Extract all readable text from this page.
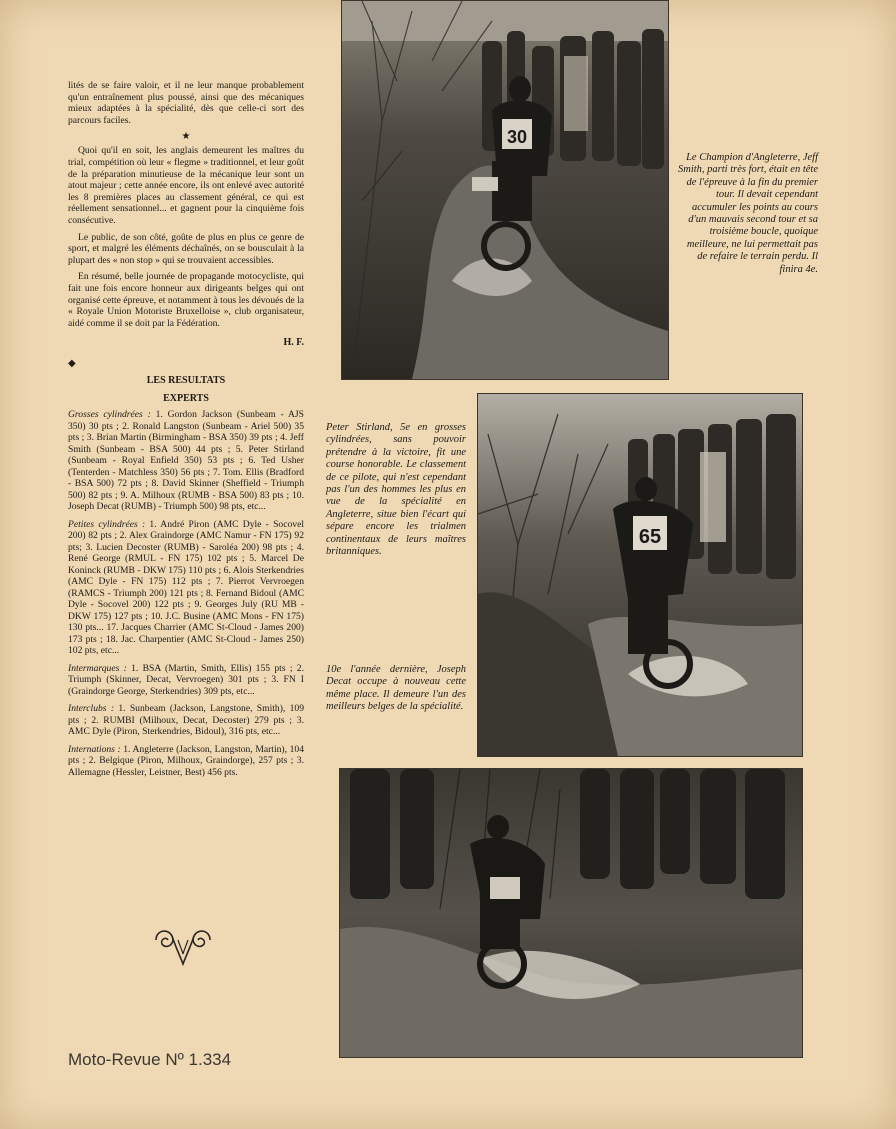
lités de se faire valoir, et il ne leur manque probablement qu'un entraînement plus poussé, ainsi que des mécaniques mieux adaptées à la spécialité, dès que celle-ci sort des parcours faciles.

★

Quoi qu'il en soit, les anglais demeurent les maîtres du trial, compétition où leur « flegme » traditionnel, et leur goût de la préparation minutieuse de la mécanique leur sont un atout majeur ; cette année encore, ils ont enlevé avec autorité les 8 premières places au classement général, ce qui est réellement sensationnel... et gagnent pour la cinquième fois consécutive.

Le public, de son côté, goûte de plus en plus ce genre de sport, et malgré les éléments déchaînés, on se bousculait à la plupart des « non stop » qui se trouvaient accessibles.

En résumé, belle journée de propagande motocycliste, qui fait une fois encore honneur aux dirigeants belges qui ont organisé cette épreuve, et notamment à tous les dévoués de la « Royale Union Motoriste Bruxelloise », club organisateur, aidé comme il se doit par la Fédération.

H. F.

◆

LES RESULTATS

EXPERTS

Grosses cylindrées : 1. Gordon Jackson (Sunbeam - AJS 350) 30 pts ; 2. Ronald Langston (Sunbeam - Ariel 500) 35 pts ; 3. Brian Martin (Birmingham - BSA 350) 39 pts ; 4. Jeff Smith (Sunbeam - BSA 500) 44 pts ; 5. Peter Stirland (Sunbeam - Royal Enfield 350) 53 pts ; 6. Ted Usher (Tenterden - Matchless 350) 56 pts ; 7. Tom. Ellis (Bradford - BSA 500) 72 pts ; 8. David Skinner (Sheffield - Triumph 500) 82 pts ; 9. A. Milhoux (RUMB - BSA 500) 83 pts ; 10. Joseph Decat (RUMB) - Triumph 500) 98 pts, etc...

Petites cylindrées : 1. André Piron (AMC Dyle - Socovel 200) 82 pts ; 2. Alex Graindorge (AMC Namur - FN 175) 92 pts; 3. Lucien Decoster (RUMB) - Saroléa 200) 98 pts ; 4. René George (RMUL - FN 175) 102 pts ; 5. Marcel De Koninck (RUMB - DKW 175) 110 pts ; 6. Alois Sterkendries (AMC Dyle - FN 175) 112 pts ; 7. Pierrot Vervroegen (RAMCS - Triumph 200) 121 pts ; 8. Fernand Bidoul (AMC Dyle - Socovel 200) 122 pts ; 9. Georges July (RU MB - DKW 175) 127 pts ; 10. J.C. Busine (AMC Mons - FN 175) 130 pts... 17. Jacques Charrier (AMC St-Cloud - James 200) 173 pts ; 18. Jac. Charpentier (AMC St-Cloud - James 250) 102 pts, etc...

Intermarques : 1. BSA (Martin, Smith, Ellis) 155 pts ; 2. Triumph (Skinner, Decat, Vervroegen) 301 pts ; 3. FN I (Graindorge George, Sterkendries) 309 pts, etc...

Interclubs : 1. Sunbeam (Jackson, Langstone, Smith), 109 pts ; 2. RUMBI (Milhoux, Decat, Decoster) 279 pts ; 3. AMC Dyle (Piron, Sterkendries, Bidoul), 316 pts, etc...

Internations : 1. Angleterre (Jackson, Langston, Martin), 104 pts ; 2. Belgique (Piron, Milhoux, Graindorge), 257 pts ; 3. Allemagne (Hessler, Leistner, Best) 456 pts.

30

Le Champion d'Angleterre, Jeff Smith, parti très fort, était en tête de l'épreuve à la fin du premier tour. Il devait cependant accumuler les points au cours d'un mauvais second tour et sa troisième boucle, quoique meilleure, ne lui permettait pas de refaire le terrain perdu. Il finira 4e.

Peter Stirland, 5e en grosses cylindrées, sans pouvoir prétendre à la victoire, fit une course honorable. Le classement de ce pilote, qui n'est cependant pas l'un des hommes les plus en vue de la spécialité en Angleterre, situe bien l'écart qui sépare encore les trialmen continentaux de leurs maîtres britanniques.

10e l'année dernière, Joseph Decat occupe à nouveau cette même place. Il demeure l'un des meilleurs belges de la spécialité.

65
Moto-Revue Nº 1.334
